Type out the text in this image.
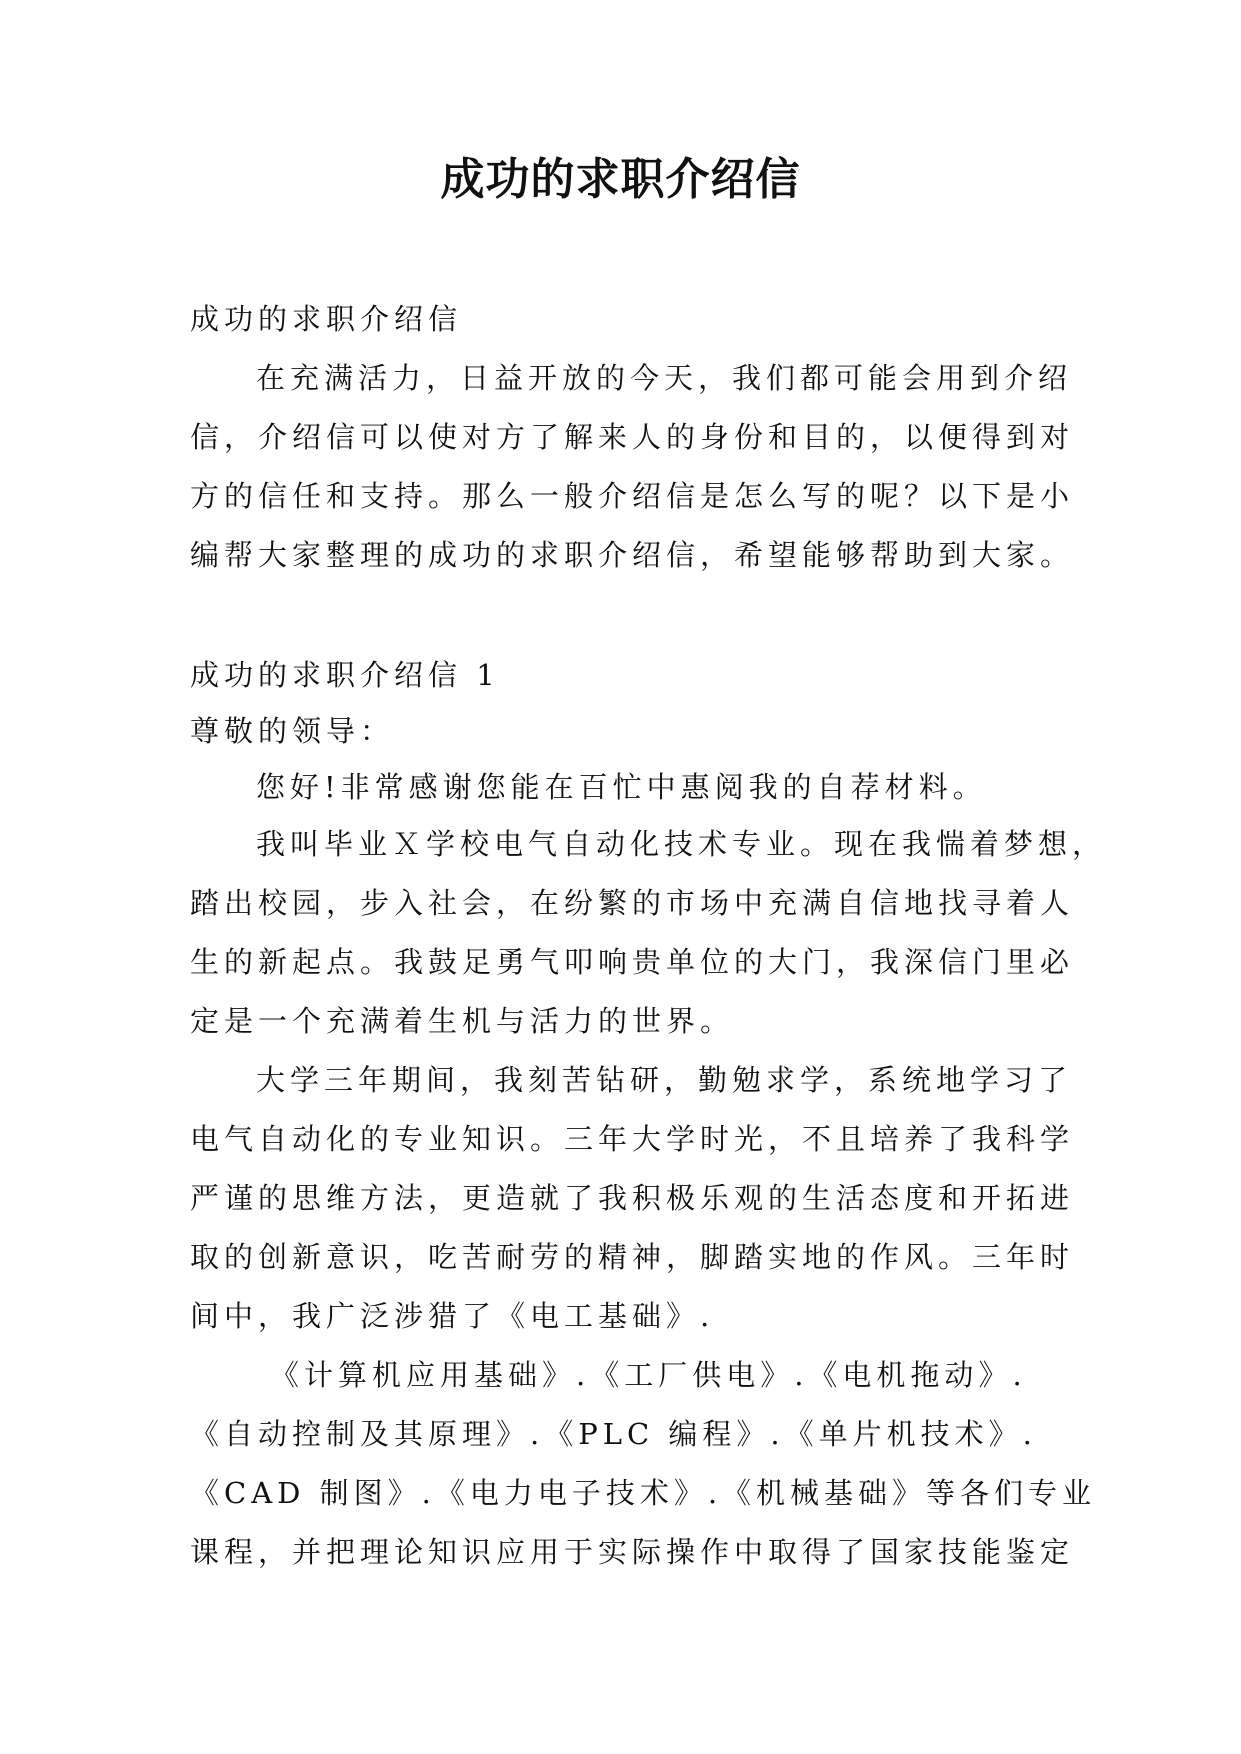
成功的求职介绍信
成功的求职介绍信
在充满活力，日益开放的今天，我们都可能会用到介绍
信，介绍信可以使对方了解来人的身份和目的，以便得到对
方的信任和支持。那么一般介绍信是怎么写的呢？以下是小
编帮大家整理的成功的求职介绍信，希望能够帮助到大家。
成功的求职介绍信 1
尊敬的领导：
您好!非常感谢您能在百忙中惠阅我的自荐材料。
我叫毕业Ｘ学校电气自动化技术专业。现在我惴着梦想，
踏出校园，步入社会，在纷繁的市场中充满自信地找寻着人
生的新起点。我鼓足勇气叩响贵单位的大门，我深信门里必
定是一个充满着生机与活力的世界。
大学三年期间，我刻苦钻研，勤勉求学，系统地学习了
电气自动化的专业知识。三年大学时光，不且培养了我科学
严谨的思维方法，更造就了我积极乐观的生活态度和开拓进
取的创新意识，吃苦耐劳的精神，脚踏实地的作风。三年时
间中，我广泛涉猎了《电工基础》.
《计算机应用基础》.《工厂供电》.《电机拖动》.
《自动控制及其原理》.《PLC 编程》.《单片机技术》.
《CAD 制图》.《电力电子技术》.《机械基础》等各们专业
课程，并把理论知识应用于实际操作中取得了国家技能鉴定
